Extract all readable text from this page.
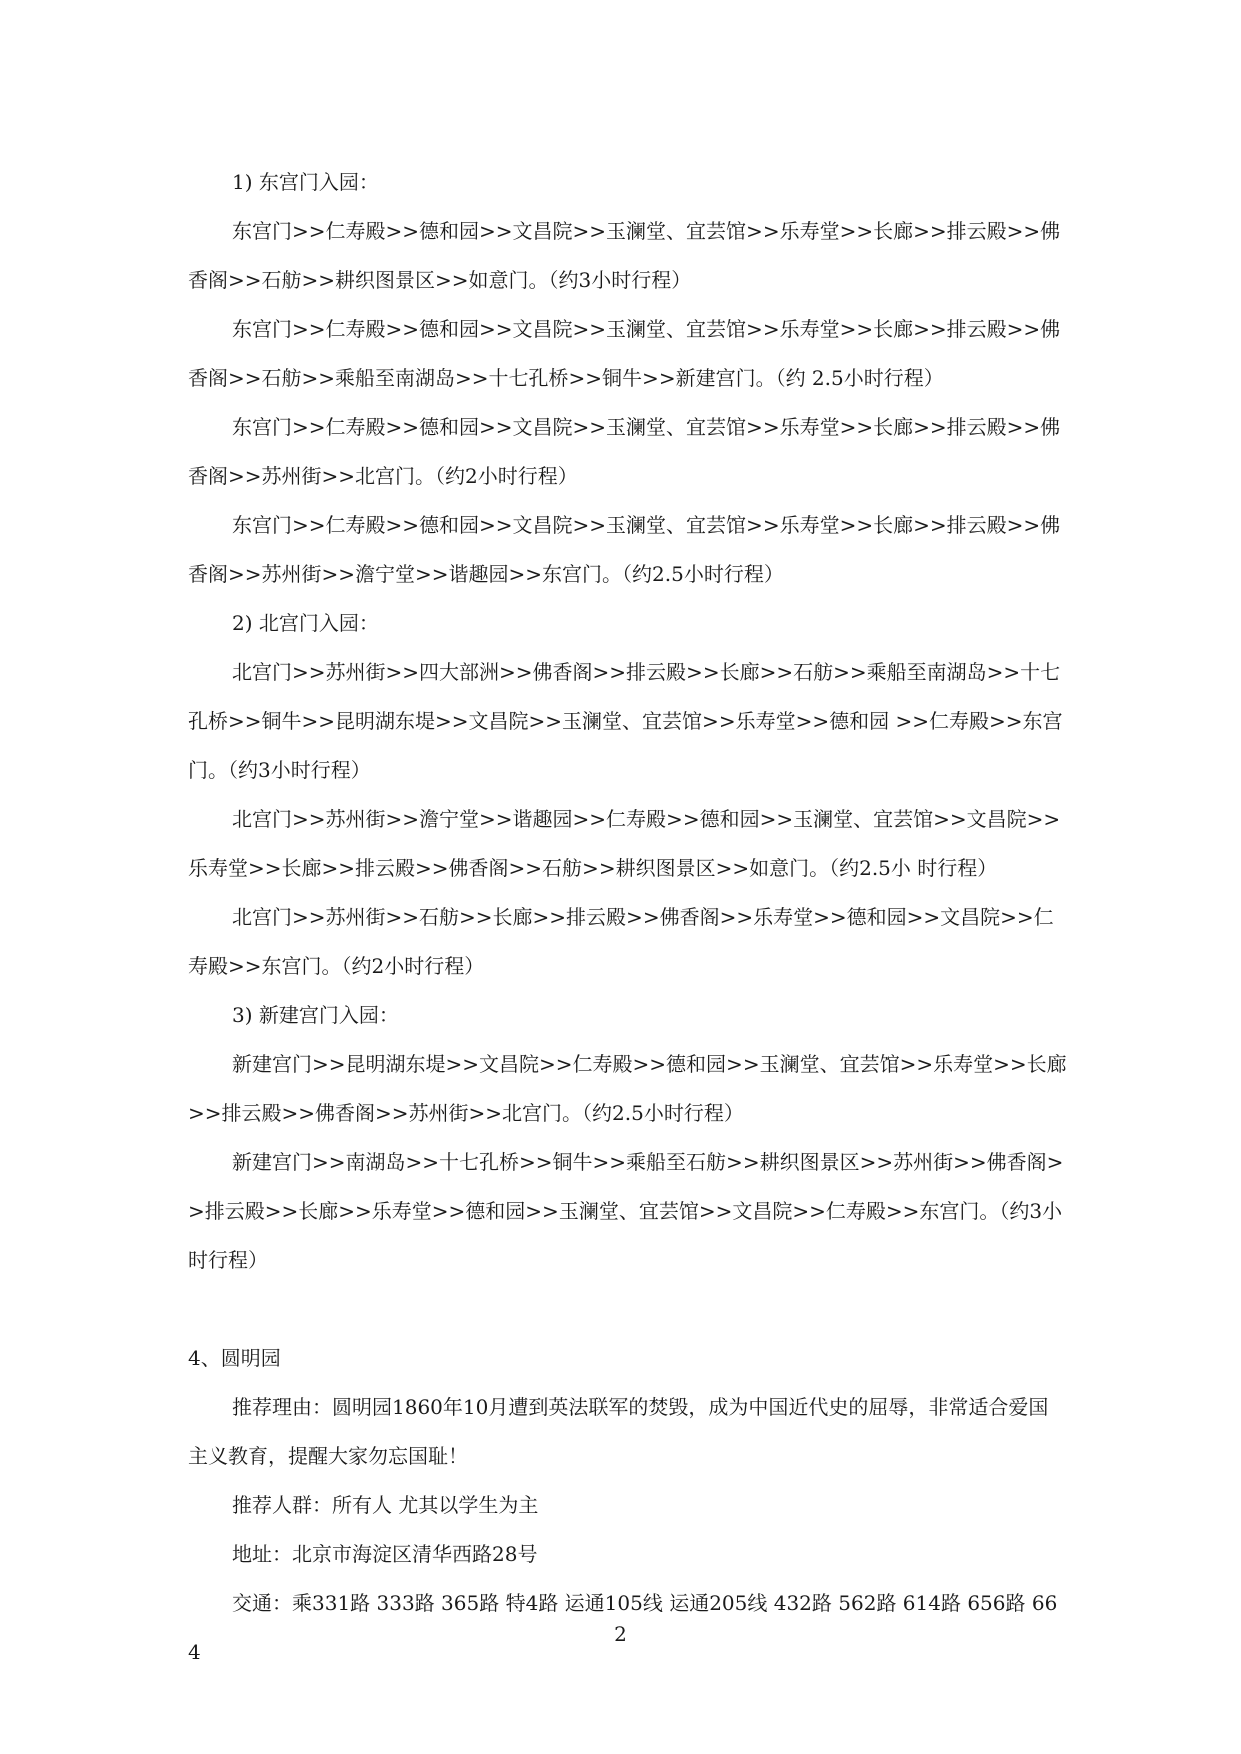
1) 东宫门入园：

东宫门>>仁寿殿>>德和园>>文昌院>>玉澜堂、宜芸馆>>乐寿堂>>长廊>>排云殿>>佛香阁>>石舫>>耕织图景区>>如意门。（约3小时行程）

东宫门>>仁寿殿>>德和园>>文昌院>>玉澜堂、宜芸馆>>乐寿堂>>长廊>>排云殿>>佛香阁>>石舫>>乘船至南湖岛>>十七孔桥>>铜牛>>新建宫门。（约 2.5小时行程）

东宫门>>仁寿殿>>德和园>>文昌院>>玉澜堂、宜芸馆>>乐寿堂>>长廊>>排云殿>>佛香阁>>苏州街>>北宫门。（约2小时行程）

东宫门>>仁寿殿>>德和园>>文昌院>>玉澜堂、宜芸馆>>乐寿堂>>长廊>>排云殿>>佛香阁>>苏州街>>澹宁堂>>谐趣园>>东宫门。（约2.5小时行程）

2) 北宫门入园：

北宫门>>苏州街>>四大部洲>>佛香阁>>排云殿>>长廊>>石舫>>乘船至南湖岛>>十七孔桥>>铜牛>>昆明湖东堤>>文昌院>>玉澜堂、宜芸馆>>乐寿堂>>德和园 >>仁寿殿>>东宫门。（约3小时行程）

北宫门>>苏州街>>澹宁堂>>谐趣园>>仁寿殿>>德和园>>玉澜堂、宜芸馆>>文昌院>>乐寿堂>>长廊>>排云殿>>佛香阁>>石舫>>耕织图景区>>如意门。（约2.5小 时行程）

北宫门>>苏州街>>石舫>>长廊>>排云殿>>佛香阁>>乐寿堂>>德和园>>文昌院>>仁寿殿>>东宫门。（约2小时行程）

3) 新建宫门入园：

新建宫门>>昆明湖东堤>>文昌院>>仁寿殿>>德和园>>玉澜堂、宜芸馆>>乐寿堂>>长廊>>排云殿>>佛香阁>>苏州街>>北宫门。（约2.5小时行程）

新建宫门>>南湖岛>>十七孔桥>>铜牛>>乘船至石舫>>耕织图景区>>苏州街>>佛香阁>>排云殿>>长廊>>乐寿堂>>德和园>>玉澜堂、宜芸馆>>文昌院>>仁寿殿>>东宫门。（约3小时行程）

4、圆明园

推荐理由：圆明园1860年10月遭到英法联军的焚毁，成为中国近代史的屈辱，非常适合爱国主义教育，提醒大家勿忘国耻！

推荐人群：所有人 尤其以学生为主

地址：北京市海淀区清华西路28号

交通：乘331路 333路 365路 特4路 运通105线 运通205线 432路 562路 614路 656路 664

2
